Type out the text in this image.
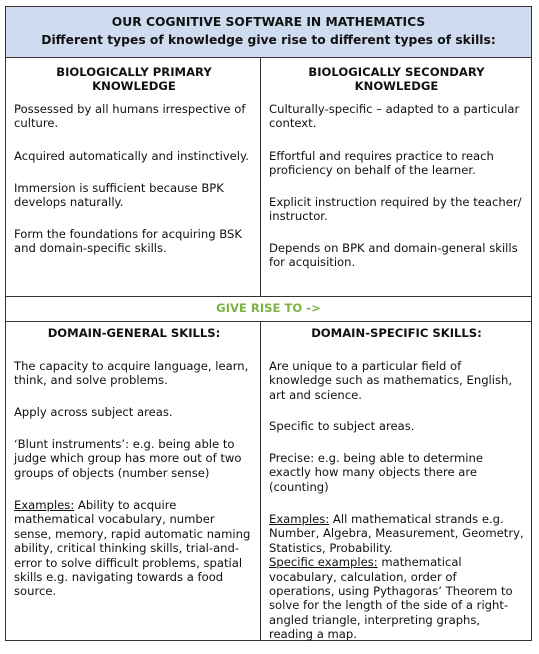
OUR COGNITIVE SOFTWARE IN MATHEMATICS
Different types of knowledge give rise to different types of skills:
BIOLOGICALLY PRIMARY
KNOWLEDGE

Possessed by all humans irrespective of culture.

Acquired automatically and instinctively.

Immersion is sufficient because BPK develops naturally.

Form the foundations for acquiring BSK and domain-specific skills.

BIOLOGICALLY SECONDARY
KNOWLEDGE

Culturally-specific – adapted to a particular context.

Effortful and requires practice to reach proficiency on behalf of the learner.

Explicit instruction required by the teacher/ instructor.

Depends on BPK and domain-general skills for acquisition.

GIVE RISE TO ->
DOMAIN-GENERAL SKILLS:

The capacity to acquire language, learn, think, and solve problems.

Apply across subject areas.

‘Blunt instruments’: e.g. being able to judge which group has more out of two groups of objects (number sense)

Examples: Ability to acquire mathematical vocabulary, number sense, memory, rapid automatic naming ability, critical thinking skills, trial-and-error to solve difficult problems, spatial skills e.g. navigating towards a food source.

DOMAIN-SPECIFIC SKILLS:

Are unique to a particular field of knowledge such as mathematics, English, art and science.

Specific to subject areas.

Precise: e.g. being able to determine exactly how many objects there are (counting)

Examples: All mathematical strands e.g. Number, Algebra, Measurement, Geometry, Statistics, Probability.

Specific examples: mathematical vocabulary, calculation, order of operations, using Pythagoras’ Theorem to solve for the length of the side of a right-angled triangle, interpreting graphs, reading a map.
